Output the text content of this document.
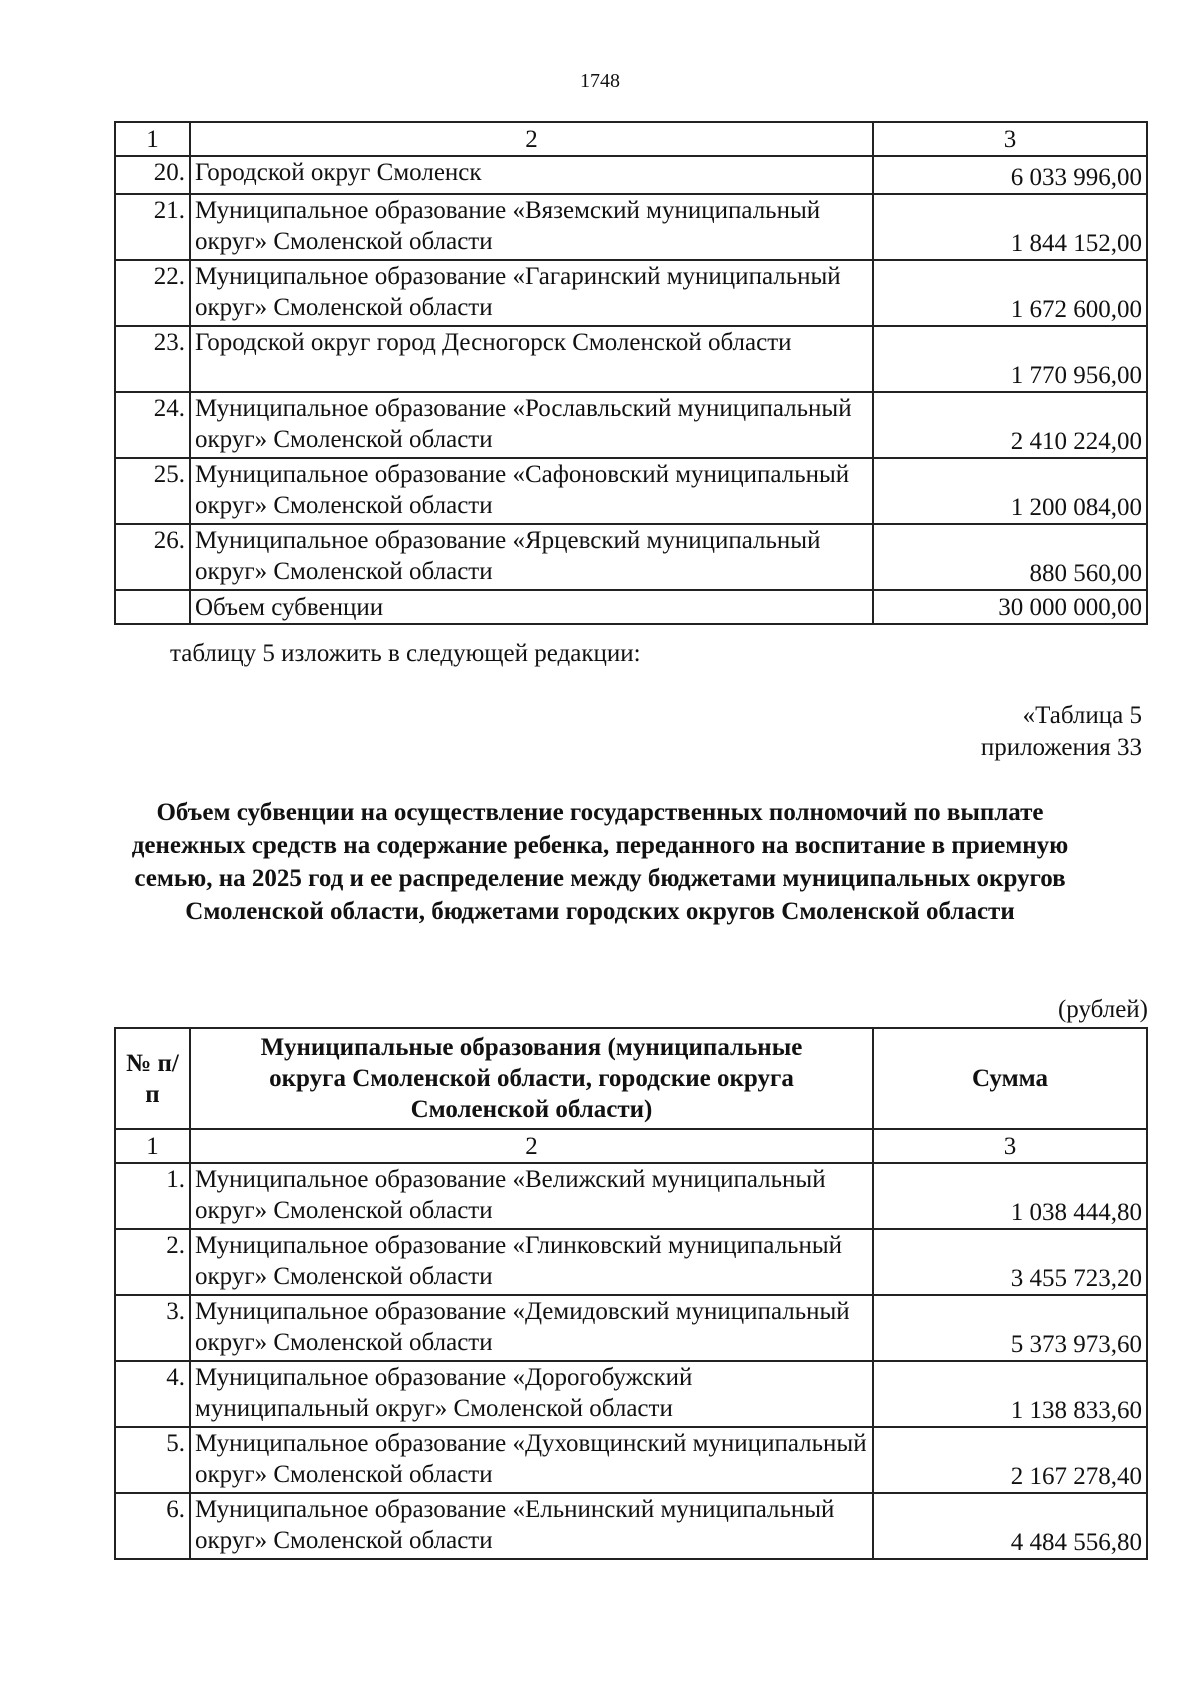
1748
1	2	3
20.	Городской округ Смоленск	6 033 996,00
21.	Муниципальное образование «Вяземский муниципальный округ» Смоленской области	1 844 152,00
22.	Муниципальное образование «Гагаринский муниципальный округ» Смоленской области	1 672 600,00
23.	Городской округ город Десногорск Смоленской области	1 770 956,00
24.	Муниципальное образование «Рославльский муниципальный округ» Смоленской области	2 410 224,00
25.	Муниципальное образование «Сафоновский муниципальный округ» Смоленской области	1 200 084,00
26.	Муниципальное образование «Ярцевский муниципальный округ» Смоленской области	880 560,00
	Объем субвенции	30 000 000,00
таблицу 5 изложить в следующей редакции:
«Таблица 5
приложения 33
Объем субвенции на осуществление государственных полномочий по выплате денежных средств на содержание ребенка, переданного на воспитание в приемную семью, на 2025 год и ее распределение между бюджетами муниципальных округов Смоленской области, бюджетами городских округов Смоленской области
(рублей)
№ п/п	Муниципальные образования (муниципальные округа Смоленской области, городские округа Смоленской области)	Сумма
1	2	3
1.	Муниципальное образование «Велижский муниципальный округ» Смоленской области	1 038 444,80
2.	Муниципальное образование «Глинковский муниципальный округ» Смоленской области	3 455 723,20
3.	Муниципальное образование «Демидовский муниципальный округ» Смоленской области	5 373 973,60
4.	Муниципальное образование «Дорогобужский муниципальный округ» Смоленской области	1 138 833,60
5.	Муниципальное образование «Духовщинский муниципальный округ» Смоленской области	2 167 278,40
6.	Муниципальное образование «Ельнинский муниципальный округ» Смоленской области	4 484 556,80
